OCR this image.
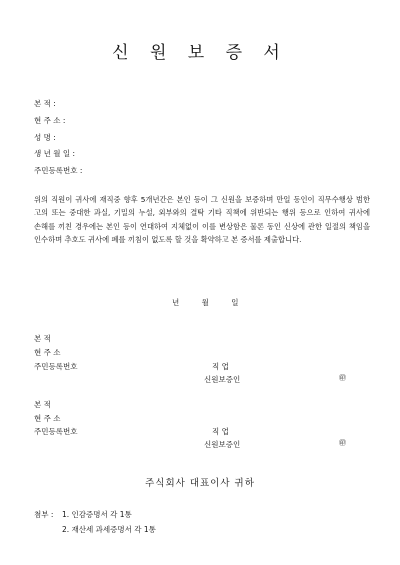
신 원 보 증 서
본 적 :
현 주 소 :
성 명 :
생 년 월 일 :
주민등록번호 :
위의 직원이 귀사에 재직중 향후 5개년간은 본인 등이 그 신원을 보증하며 만일 동인이 직무수행상 범한 고의 또는 중대한 과실, 기밀의 누설, 외부와의 결탁 기타 직책에 위반되는 행위 등으로 인하여 귀사에 손해를 끼친 경우에는 본인 등이 연대하여 지체없이 이를 변상함은 물론 동인 신상에 관한 일절의 책임을 인수하며 추호도 귀사에 폐를 끼침이 없도록 할 것을 확약하고 본 증서를 제출합니다.
년 월 일
본 적
현 주 소
주민등록번호	직 업
신원보증인	㊞
본 적
현 주 소
주민등록번호	직 업
신원보증인	㊞
주식회사 대표이사 귀하
첨부 : 1. 인감증명서 각 1통
2. 재산세 과세증명서 각 1통
